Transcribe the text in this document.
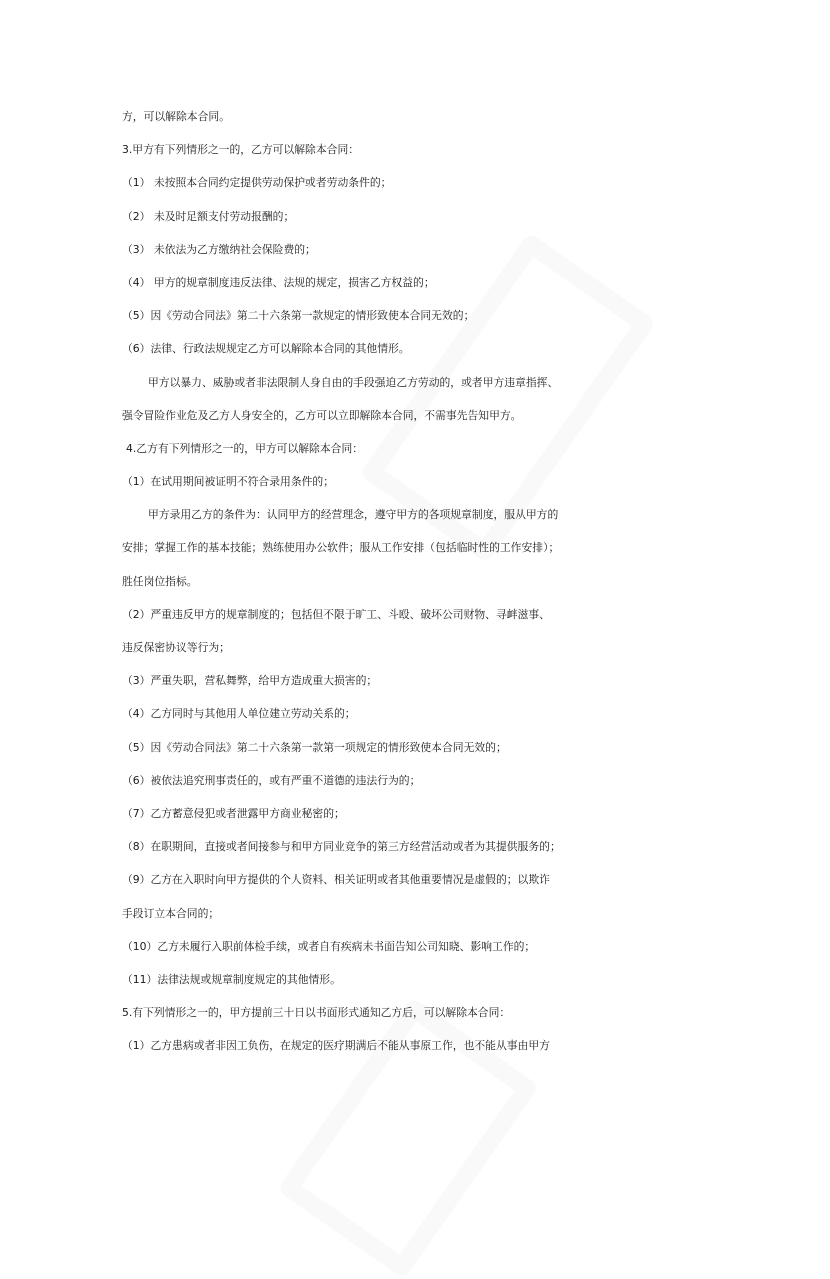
方，可以解除本合同。
3.甲方有下列情形之一的，乙方可以解除本合同：
（1） 未按照本合同约定提供劳动保护或者劳动条件的；
（2） 未及时足额支付劳动报酬的；
（3） 未依法为乙方缴纳社会保险费的；
（4） 甲方的规章制度违反法律、法规的规定，损害乙方权益的；
（5）因《劳动合同法》第二十六条第一款规定的情形致使本合同无效的；
（6）法律、行政法规规定乙方可以解除本合同的其他情形。
甲方以暴力、威胁或者非法限制人身自由的手段强迫乙方劳动的，或者甲方违章指挥、
强令冒险作业危及乙方人身安全的，乙方可以立即解除本合同，不需事先告知甲方。
4.乙方有下列情形之一的，甲方可以解除本合同：
（1）在试用期间被证明不符合录用条件的；
甲方录用乙方的条件为：认同甲方的经营理念，遵守甲方的各项规章制度，服从甲方的
安排；掌握工作的基本技能；熟练使用办公软件；服从工作安排（包括临时性的工作安排）；
胜任岗位指标。
（2）严重违反甲方的规章制度的；包括但不限于旷工、斗殴、破坏公司财物、寻衅滋事、
违反保密协议等行为；
（3）严重失职，营私舞弊，给甲方造成重大损害的；
（4）乙方同时与其他用人单位建立劳动关系的；
（5）因《劳动合同法》第二十六条第一款第一项规定的情形致使本合同无效的；
（6）被依法追究刑事责任的，或有严重不道德的违法行为的；
（7）乙方蓄意侵犯或者泄露甲方商业秘密的；
（8）在职期间，直接或者间接参与和甲方同业竞争的第三方经营活动或者为其提供服务的；
（9）乙方在入职时向甲方提供的个人资料、相关证明或者其他重要情况是虚假的；以欺诈
手段订立本合同的；
（10）乙方未履行入职前体检手续，或者自有疾病未书面告知公司知晓、影响工作的；
（11）法律法规或规章制度规定的其他情形。
5.有下列情形之一的，甲方提前三十日以书面形式通知乙方后，可以解除本合同：
（1）乙方患病或者非因工负伤，在规定的医疗期满后不能从事原工作，也不能从事由甲方
